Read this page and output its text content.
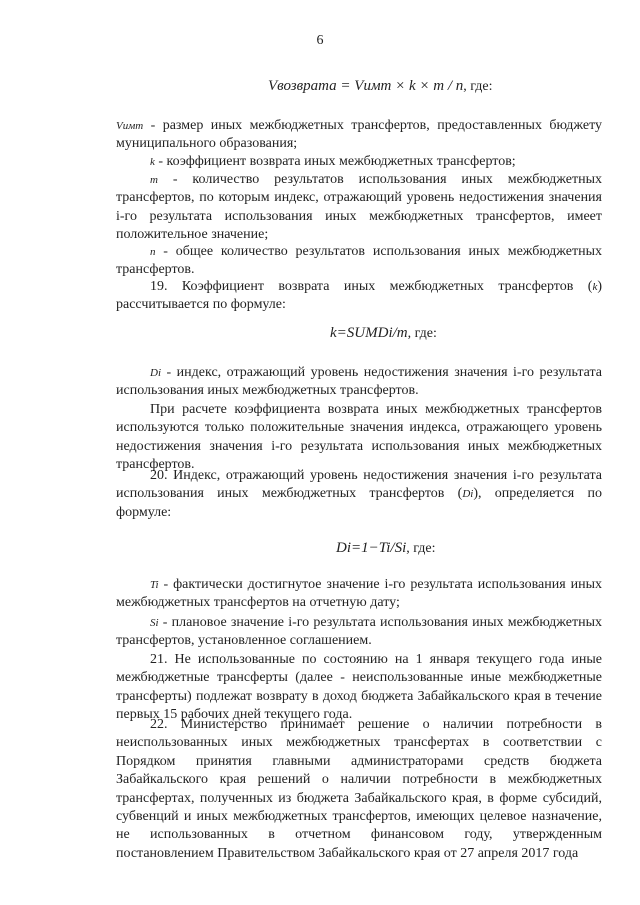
6
Vвозврата = Vимт × k × m / n, где:
Vимт - размер иных межбюджетных трансфертов, предоставленных бюджету муниципального образования;
k - коэффициент возврата иных межбюджетных трансфертов;
m - количество результатов использования иных межбюджетных трансфертов, по которым индекс, отражающий уровень недостижения значения i-го результата использования иных межбюджетных трансфертов, имеет положительное значение;
n - общее количество результатов использования иных межбюджетных трансфертов.
19. Коэффициент возврата иных межбюджетных трансфертов (k) рассчитывается по формуле:
k=SUMDi/m, где:
Di - индекс, отражающий уровень недостижения значения i-го результата использования иных межбюджетных трансфертов.
При расчете коэффициента возврата иных межбюджетных трансфертов используются только положительные значения индекса, отражающего уровень недостижения значения i-го результата использования иных межбюджетных трансфертов.
20. Индекс, отражающий уровень недостижения значения i-го результата использования иных межбюджетных трансфертов (Di), определяется по формуле:
Di=1−Ti/Si, где:
Ti - фактически достигнутое значение i-го результата использования иных межбюджетных трансфертов на отчетную дату;
Si - плановое значение i-го результата использования иных межбюджетных трансфертов, установленное соглашением.
21. Не использованные по состоянию на 1 января текущего года иные межбюджетные трансферты (далее - неиспользованные иные межбюджетные трансферты) подлежат возврату в доход бюджета Забайкальского края в течение первых 15 рабочих дней текущего года.
22. Министерство принимает решение о наличии потребности в неиспользованных иных межбюджетных трансфертах в соответствии с Порядком принятия главными администраторами средств бюджета Забайкальского края решений о наличии потребности в межбюджетных трансфертах, полученных из бюджета Забайкальского края, в форме субсидий, субвенций и иных межбюджетных трансфертов, имеющих целевое назначение, не использованных в отчетном финансовом году, утвержденным постановлением Правительством Забайкальского края от 27 апреля 2017 года
